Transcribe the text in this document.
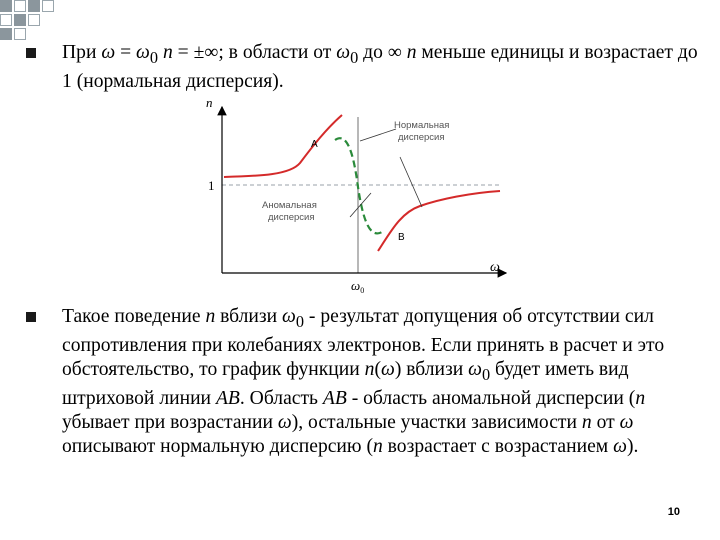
При $\omega = \omega_0$ n = ±∞; в области от $\omega_0$ до ∞ n меньше единицы и возрастает до 1 (нормальная дисперсия).
n
ω
1
$\omega_0$
A
B
Нормальная
дисперсия
Аномальная
дисперсия
Такое поведение n вблизи $\omega_0$ - результат допущения об отсутствии сил сопротивления при колебаниях электронов. Если принять в расчет и это обстоятельство, то график функции n(ω) вблизи $\omega_0$ будет иметь вид штриховой линии AB. Область AB - область аномальной дисперсии (n убывает при возрастании ω), остальные участки зависимости n от ω описывают нормальную дисперсию (n возрастает с возрастанием ω).
10
